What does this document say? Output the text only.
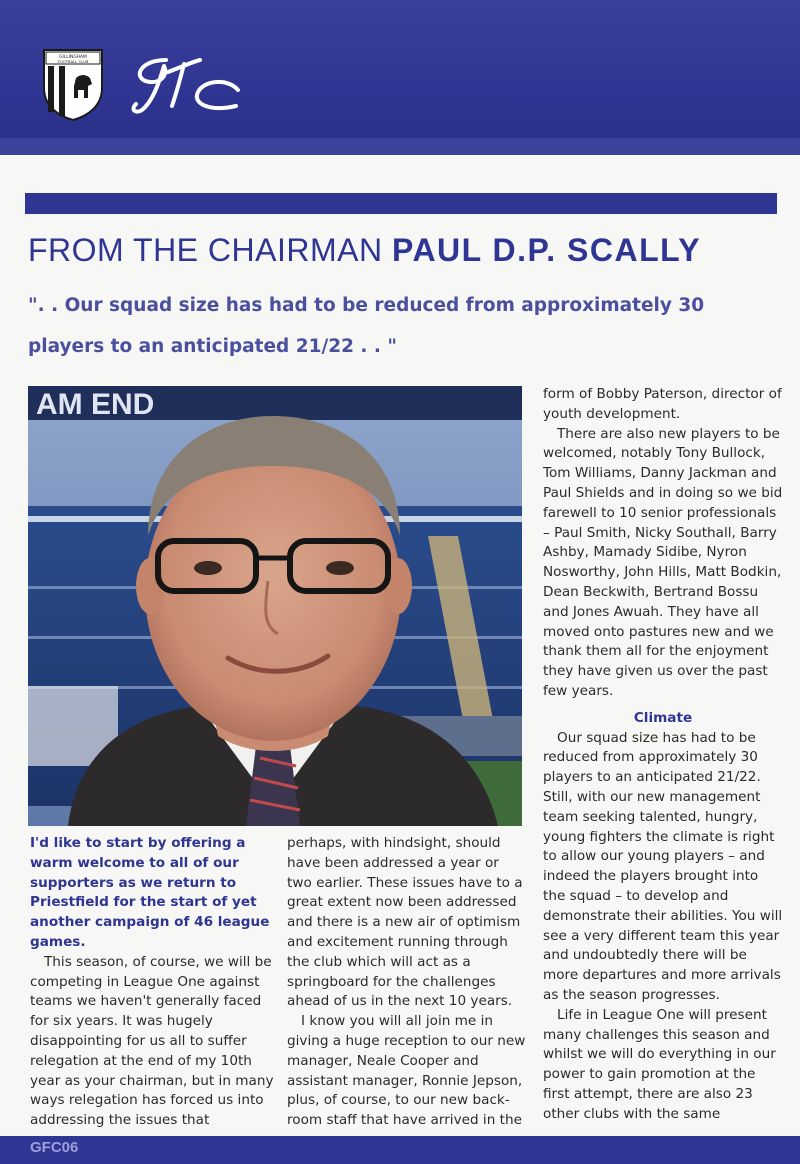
GILLINGHAM
FOOTBALL CLUB
FROM THE CHAIRMAN PAUL D.P. SCALLY
". . Our squad size has had to be reduced from approximately 30
players to an anticipated 21/22 . . "
AM END

I'd like to start by offering a warm welcome to all of our supporters as we return to Priestfield for the start of yet another campaign of 46 league games.

This season, of course, we will be competing in League One against teams we haven't generally faced for six years. It was hugely disappointing for us all to suffer relegation at the end of my 10th year as your chairman, but in many ways relegation has forced us into addressing the issues that

perhaps, with hindsight, should have been addressed a year or two earlier. These issues have to a great extent now been addressed and there is a new air of optimism and excitement running through the club which will act as a springboard for the challenges ahead of us in the next 10 years.

I know you will all join me in giving a huge reception to our new manager, Neale Cooper and assistant manager, Ronnie Jepson, plus, of course, to our new back-room staff that have arrived in the

form of Bobby Paterson, director of youth development.

There are also new players to be welcomed, notably Tony Bullock, Tom Williams, Danny Jackman and Paul Shields and in doing so we bid farewell to 10 senior professionals – Paul Smith, Nicky Southall, Barry Ashby, Mamady Sidibe, Nyron Nosworthy, John Hills, Matt Bodkin, Dean Beckwith, Bertrand Bossu and Jones Awuah. They have all moved onto pastures new and we thank them all for the enjoyment they have given us over the past few years.

Climate

Our squad size has had to be reduced from approximately 30 players to an anticipated 21/22. Still, with our new management team seeking talented, hungry, young fighters the climate is right to allow our young players – and indeed the players brought into the squad – to develop and demonstrate their abilities. You will see a very different team this year and undoubtedly there will be more departures and more arrivals as the season progresses.

Life in League One will present many challenges this season and whilst we will do everything in our power to gain promotion at the first attempt, there are also 23 other clubs with the same

GFC06
